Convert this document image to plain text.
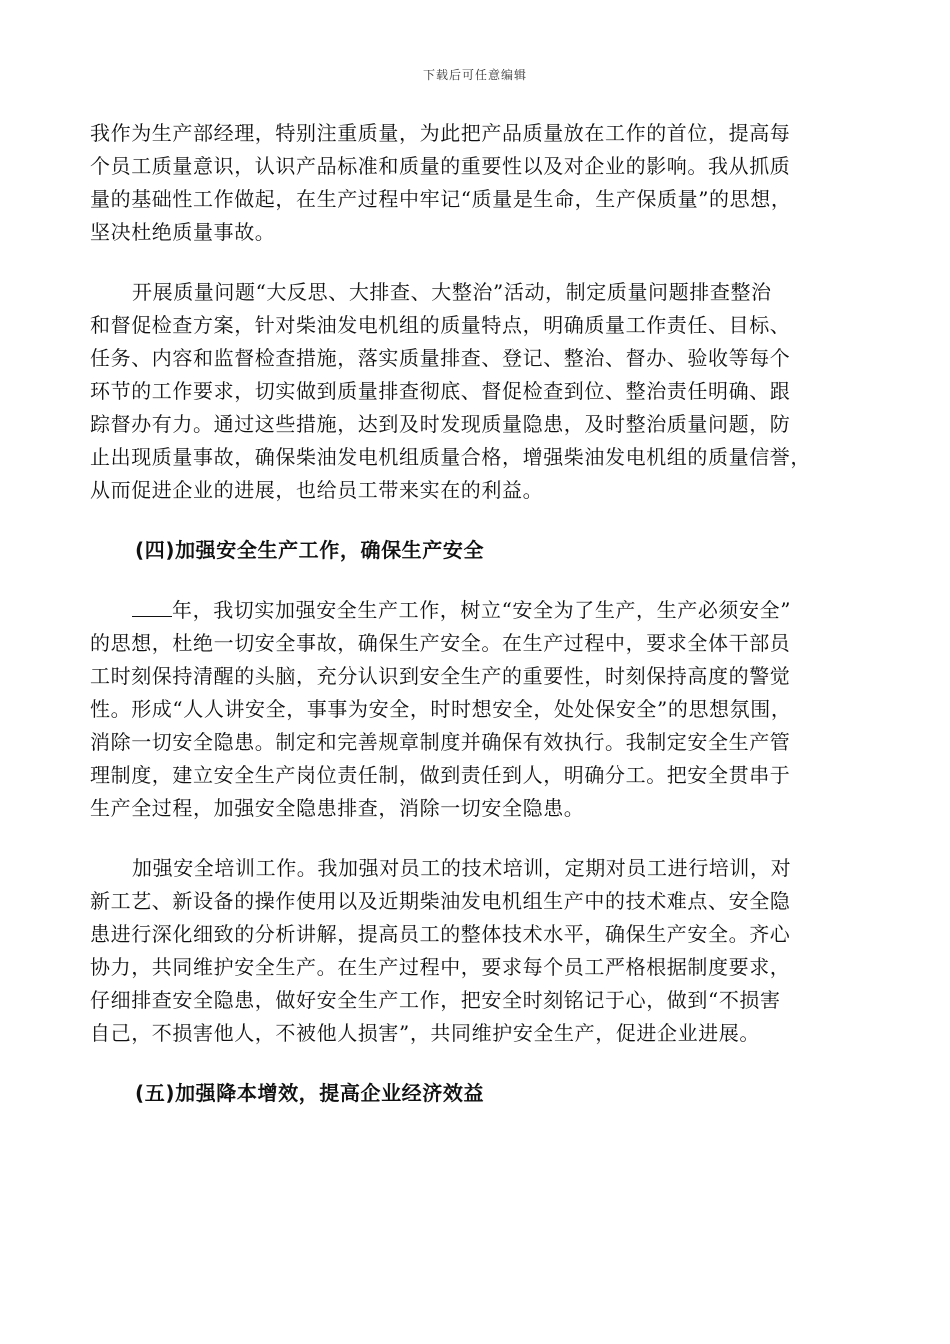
下载后可任意编辑
我作为生产部经理，特别注重质量，为此把产品质量放在工作的首位，提高每
个员工质量意识，认识产品标准和质量的重要性以及对企业的影响。我从抓质
量的基础性工作做起，在生产过程中牢记“质量是生命，生产保质量”的思想，
坚决杜绝质量事故。
开展质量问题“大反思、大排查、大整治”活动，制定质量问题排查整治
和督促检查方案，针对柴油发电机组的质量特点，明确质量工作责任、目标、
任务、内容和监督检查措施，落实质量排查、登记、整治、督办、验收等每个
环节的工作要求，切实做到质量排查彻底、督促检查到位、整治责任明确、跟
踪督办有力。通过这些措施，达到及时发现质量隐患，及时整治质量问题，防
止出现质量事故，确保柴油发电机组质量合格，增强柴油发电机组的质量信誉，
从而促进企业的进展，也给员工带来实在的利益。
(四)加强安全生产工作，确保生产安全
年，我切实加强安全生产工作，树立“安全为了生产，生产必须安全”
的思想，杜绝一切安全事故，确保生产安全。在生产过程中，要求全体干部员
工时刻保持清醒的头脑，充分认识到安全生产的重要性，时刻保持高度的警觉
性。形成“人人讲安全，事事为安全，时时想安全，处处保安全”的思想氛围，
消除一切安全隐患。制定和完善规章制度并确保有效执行。我制定安全生产管
理制度，建立安全生产岗位责任制，做到责任到人，明确分工。把安全贯串于
生产全过程，加强安全隐患排查，消除一切安全隐患。
加强安全培训工作。我加强对员工的技术培训，定期对员工进行培训，对
新工艺、新设备的操作使用以及近期柴油发电机组生产中的技术难点、安全隐
患进行深化细致的分析讲解，提高员工的整体技术水平，确保生产安全。齐心
协力，共同维护安全生产。在生产过程中，要求每个员工严格根据制度要求，
仔细排查安全隐患，做好安全生产工作，把安全时刻铭记于心，做到“不损害
自己，不损害他人，不被他人损害”，共同维护安全生产，促进企业进展。
(五)加强降本增效，提高企业经济效益
